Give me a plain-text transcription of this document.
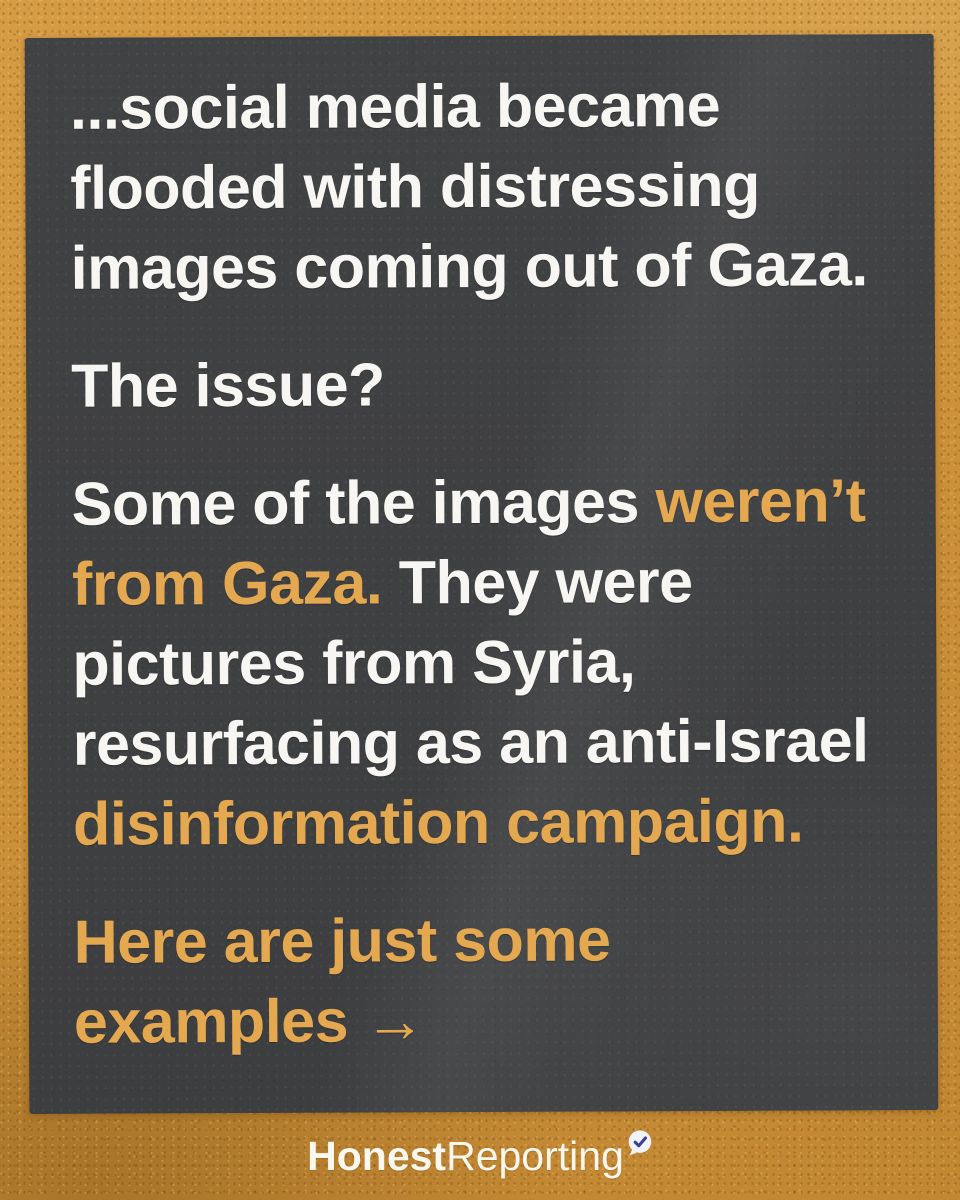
...social media became flooded with distressing images coming out of Gaza.

The issue?

Some of the images weren’t from Gaza. They were pictures from Syria, resurfacing as an anti-Israel disinformation campaign.

Here are just some examples →

HonestReporting
